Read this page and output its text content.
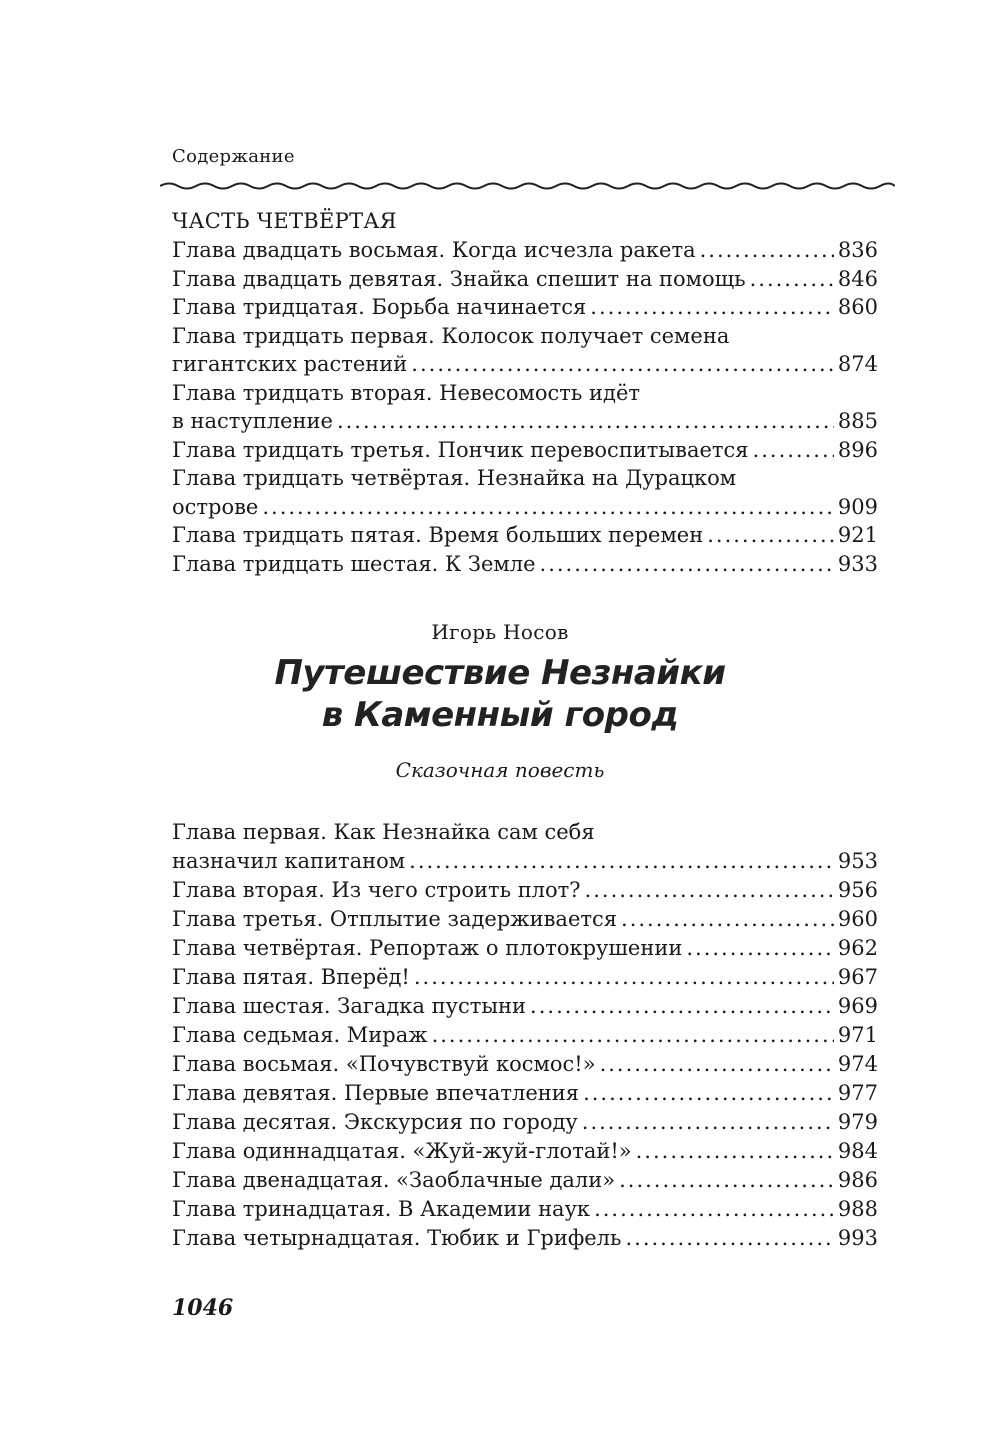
Содержание
ЧАСТЬ ЧЕТВЁРТАЯ
Глава двадцать восьмая. Когда исчезла ракета .....	836
Глава двадцать девятая. Знайка спешит на помощь .....	846
Глава тридцатая. Борьба начинается .....	860
Глава тридцать первая. Колосок получает семена
гигантских растений .....	874
Глава тридцать вторая. Невесомость идёт
в наступление .....	885
Глава тридцать третья. Пончик перевоспитывается .....	896
Глава тридцать четвёртая. Незнайка на Дурацком
острове .....	909
Глава тридцать пятая. Время больших перемен .....	921
Глава тридцать шестая. К Земле .....	933
Игорь Носов
Путешествие Незнайки
в Каменный город
Сказочная повесть
Глава первая. Как Незнайка сам себя
назначил капитаном .....	953
Глава вторая. Из чего строить плот? .....	956
Глава третья. Отплытие задерживается .....	960
Глава четвёртая. Репортаж о плотокрушении .....	962
Глава пятая. Вперёд! .....	967
Глава шестая. Загадка пустыни .....	969
Глава седьмая. Мираж .....	971
Глава восьмая. «Почувствуй космос!» .....	974
Глава девятая. Первые впечатления .....	977
Глава десятая. Экскурсия по городу .....	979
Глава одиннадцатая. «Жуй-жуй-глотай!» .....	984
Глава двенадцатая. «Заоблачные дали» .....	986
Глава тринадцатая. В Академии наук .....	988
Глава четырнадцатая. Тюбик и Грифель .....	993
1046
